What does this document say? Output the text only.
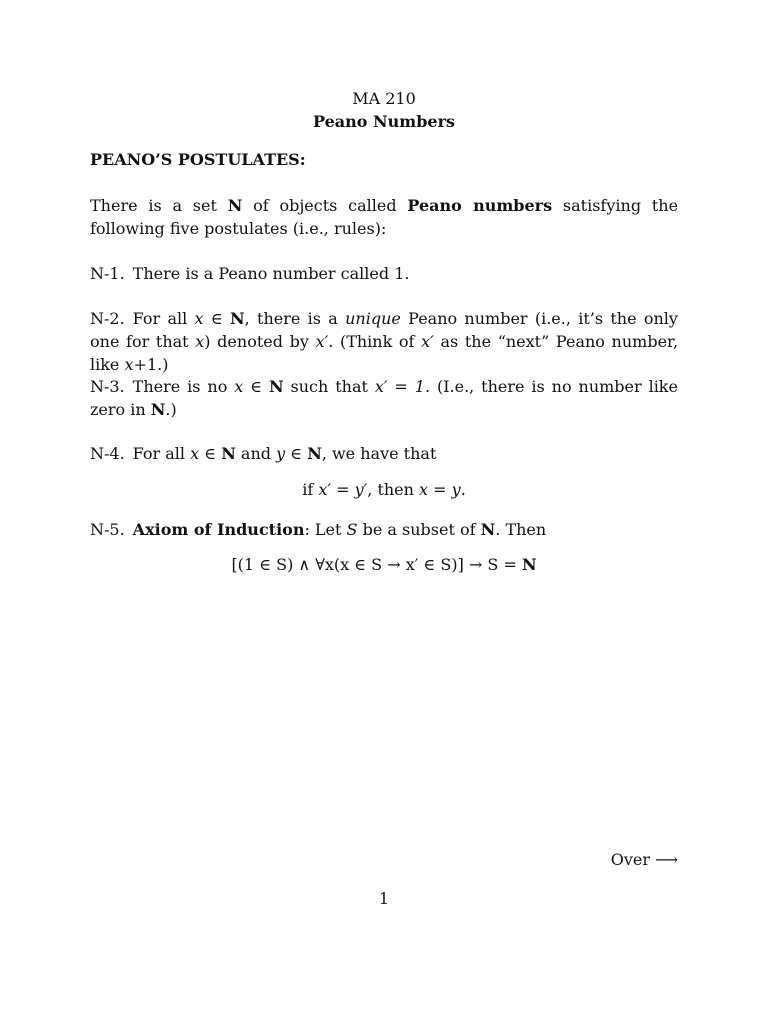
MA 210
Peano Numbers
PEANO’S POSTULATES:
There is a set N of objects called Peano numbers satisfying the following five postulates (i.e., rules):
N-1. There is a Peano number called 1.
N-2. For all x ∈ N, there is a unique Peano number (i.e., it’s the only one for that x) denoted by x′. (Think of x′ as the “next” Peano number, like x+1.)
N-3. There is no x ∈ N such that x′ = 1. (I.e., there is no number like zero in N.)
N-4. For all x ∈ N and y ∈ N, we have that
if x′ = y′, then x = y.
N-5. Axiom of Induction: Let S be a subset of N. Then
[(1 ∈ S) ∧ ∀x(x ∈ S → x′ ∈ S)] → S = N
Over ⟶
1
